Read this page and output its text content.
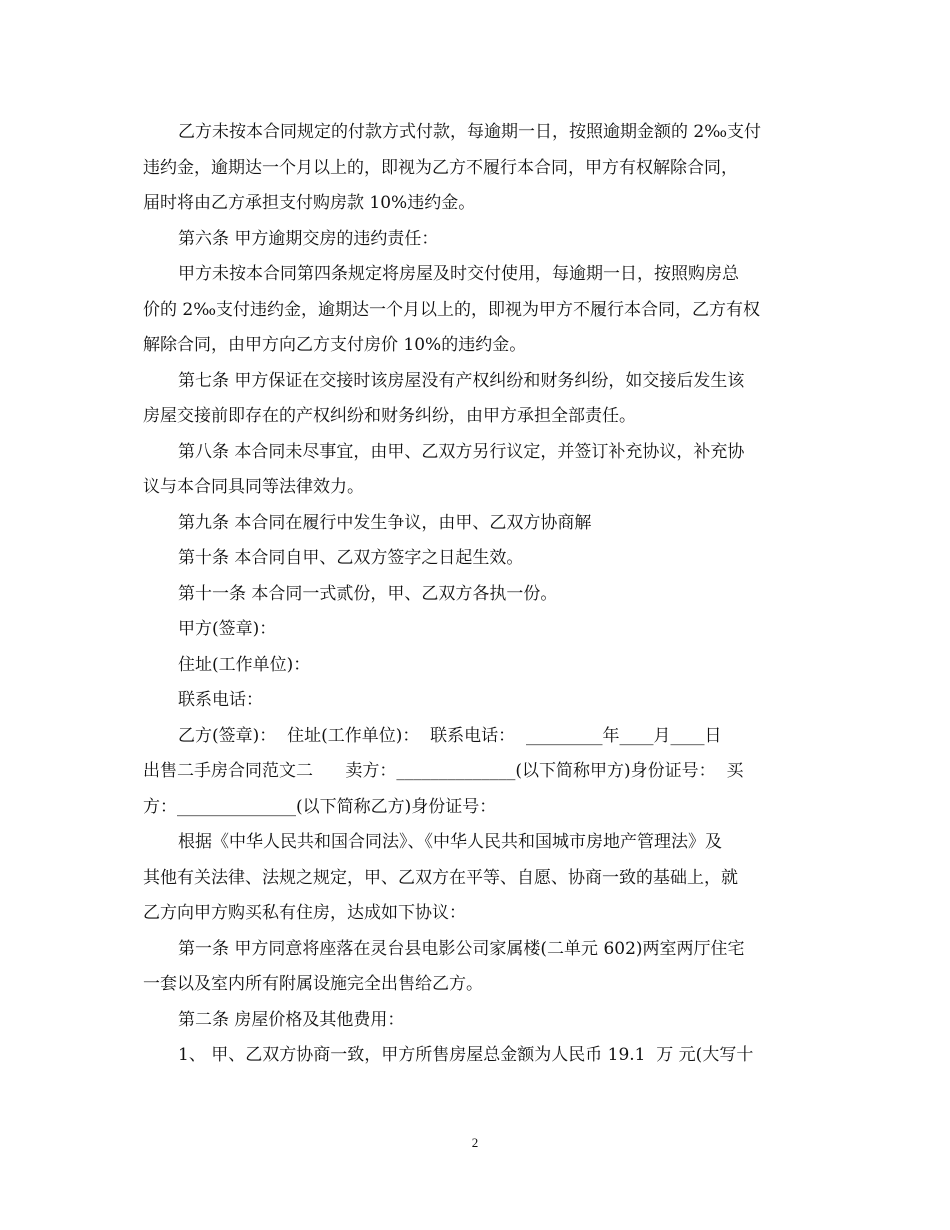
乙方未按本合同规定的付款方式付款，每逾期一日，按照逾期金额的 2‰支付
违约金，逾期达一个月以上的，即视为乙方不履行本合同，甲方有权解除合同，
届时将由乙方承担支付购房款 10%违约金。
第六条 甲方逾期交房的违约责任：
甲方未按本合同第四条规定将房屋及时交付使用，每逾期一日，按照购房总
价的 2‰支付违约金，逾期达一个月以上的，即视为甲方不履行本合同，乙方有权
解除合同，由甲方向乙方支付房价 10%的违约金。
第七条 甲方保证在交接时该房屋没有产权纠纷和财务纠纷，如交接后发生该
房屋交接前即存在的产权纠纷和财务纠纷，由甲方承担全部责任。
第八条 本合同未尽事宜，由甲、乙双方另行议定，并签订补充协议，补充协
议与本合同具同等法律效力。
第九条 本合同在履行中发生争议，由甲、乙双方协商解
第十条 本合同自甲、乙双方签字之日起生效。
第十一条 本合同一式贰份，甲、乙双方各执一份。
甲方(签章)：
住址(工作单位)：
联系电话：
乙方(签章)：  住址(工作单位)：  联系电话：  _________年____月____日
出售二手房合同范文二      卖方：______________(以下简称甲方)身份证号：  买
方：______________(以下简称乙方)身份证号：
根据《中华人民共和国合同法》、《中华人民共和国城市房地产管理法》及
其他有关法律、法规之规定，甲、乙双方在平等、自愿、协商一致的基础上，就
乙方向甲方购买私有住房，达成如下协议：
第一条 甲方同意将座落在灵台县电影公司家属楼(二单元 602)两室两厅住宅
一套以及室内所有附属设施完全出售给乙方。
第二条 房屋价格及其他费用：
1、 甲、乙双方协商一致，甲方所售房屋总金额为人民币 19.1  万 元(大写十
2
